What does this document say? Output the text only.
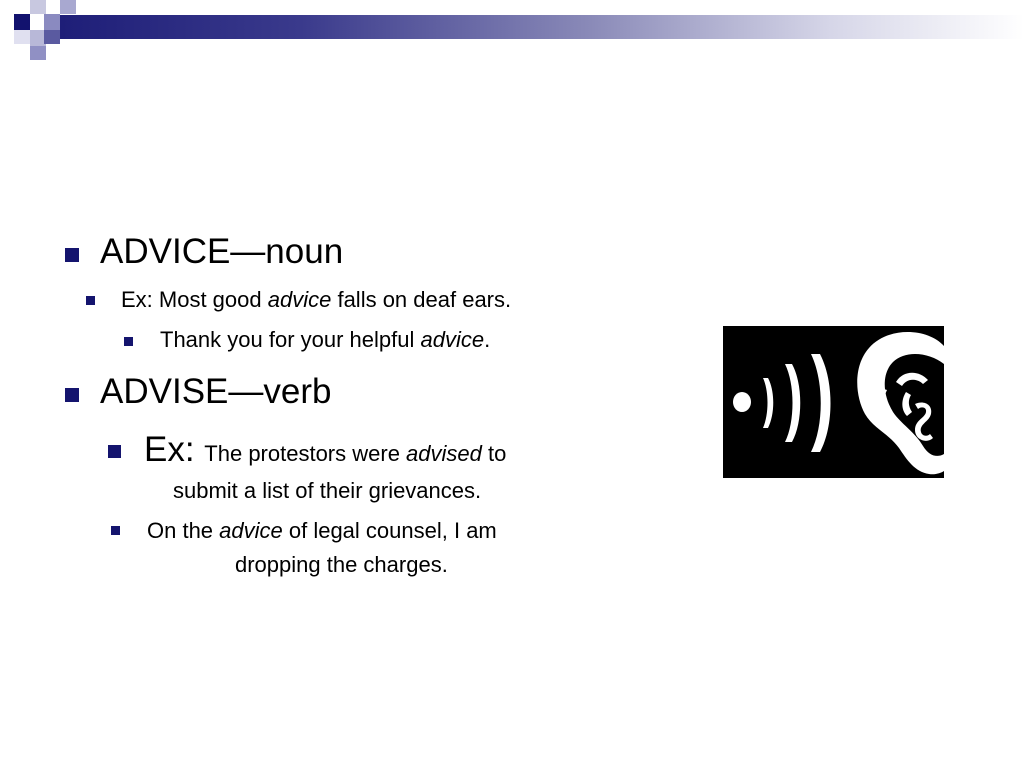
ADVICE—noun
Ex: Most good advice falls on deaf ears.
Thank you for your helpful advice.
ADVISE—verb
Ex: The protestors were advised to
submit a list of their grievances.
On the advice of legal counsel, I am
dropping the charges.
